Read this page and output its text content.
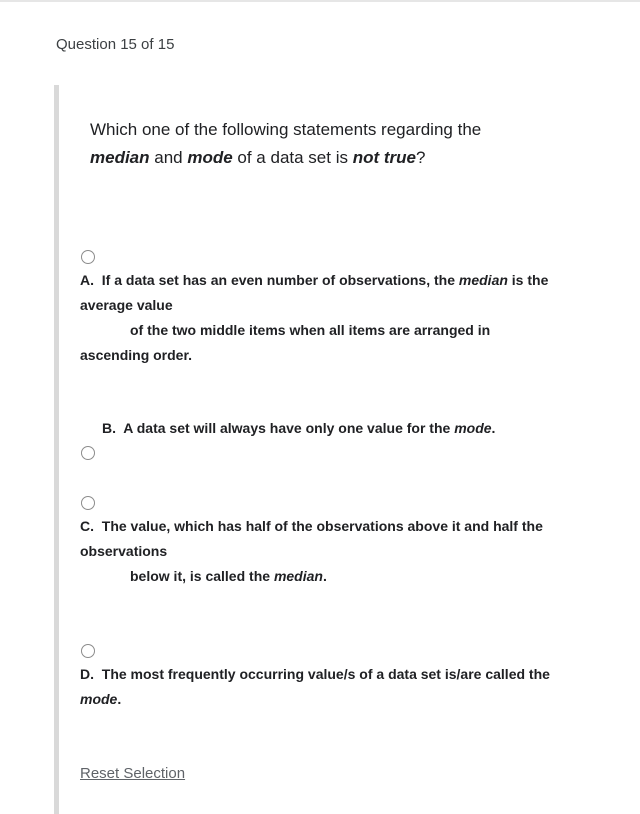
Question 15 of 15
Which one of the following statements regarding the
median and mode of a data set is not true?
A. If a data set has an even number of observations, the median is the
average value

of the two middle items when all items are arranged in
ascending order.
B. A data set will always have only one value for the mode.
C. The value, which has half of the observations above it and half the
observations

below it, is called the median.
D. The most frequently occurring value/s of a data set is/are called the
mode.
Reset Selection
